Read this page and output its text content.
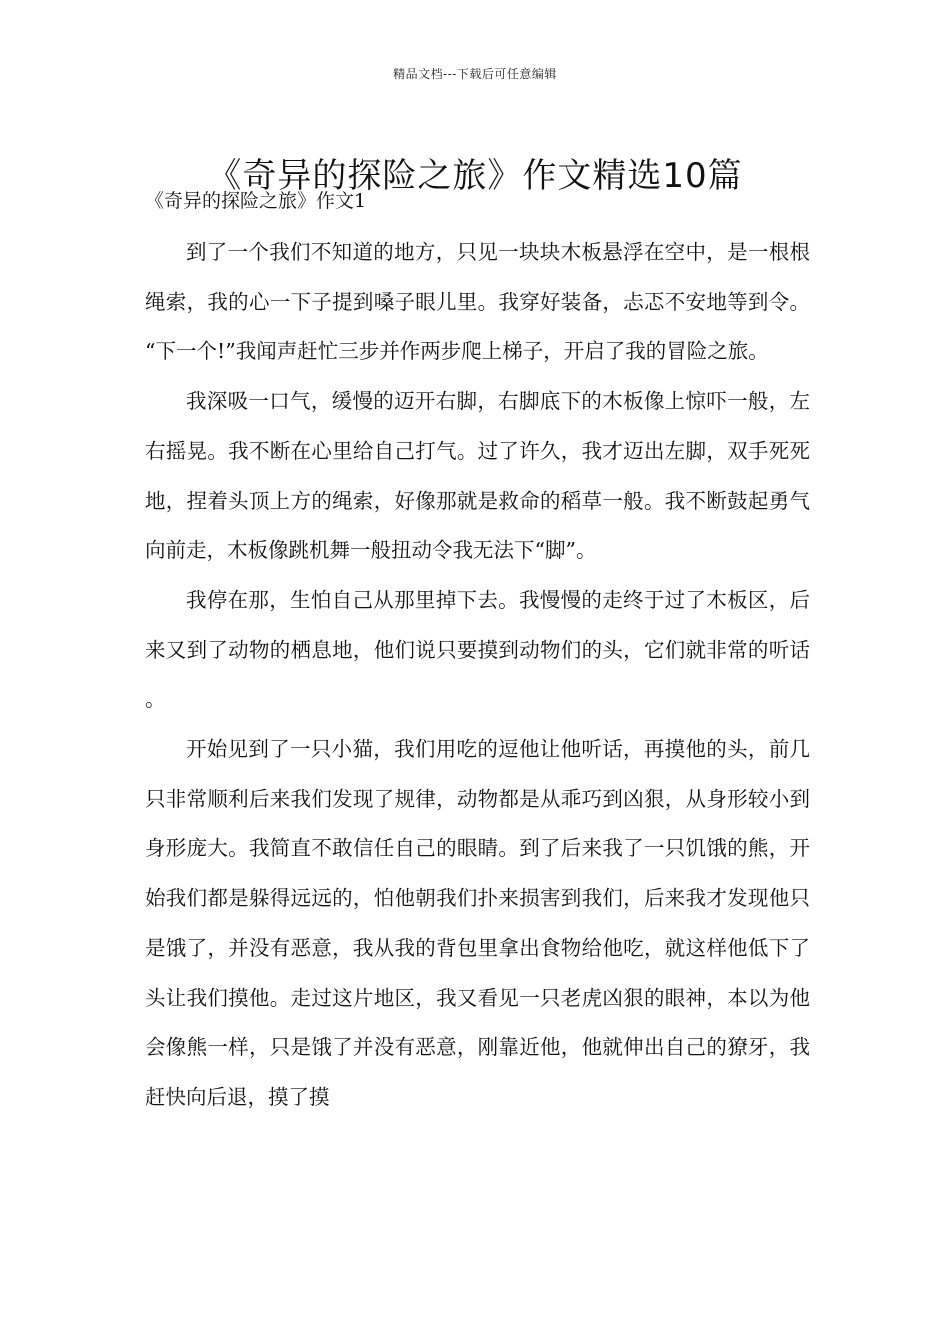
精品文档---下载后可任意编辑
《奇异的探险之旅》作文精选10篇
《奇异的探险之旅》作文1

到了一个我们不知道的地方，只见一块块木板悬浮在空中，是一根根绳索，我的心一下子提到嗓子眼儿里。我穿好装备，忐忑不安地等到令。“下一个!”我闻声赶忙三步并作两步爬上梯子，开启了我的冒险之旅。

我深吸一口气，缓慢的迈开右脚，右脚底下的木板像上惊吓一般，左右摇晃。我不断在心里给自己打气。过了许久，我才迈出左脚，双手死死地，捏着头顶上方的绳索，好像那就是救命的稻草一般。我不断鼓起勇气向前走，木板像跳机舞一般扭动令我无法下“脚”。

我停在那，生怕自己从那里掉下去。我慢慢的走终于过了木板区，后来又到了动物的栖息地，他们说只要摸到动物们的头，它们就非常的听话。

开始见到了一只小猫，我们用吃的逗他让他听话，再摸他的头，前几只非常顺利后来我们发现了规律，动物都是从乖巧到凶狠，从身形较小到身形庞大。我简直不敢信任自己的眼睛。到了后来我了一只饥饿的熊，开始我们都是躲得远远的，怕他朝我们扑来损害到我们，后来我才发现他只是饿了，并没有恶意，我从我的背包里拿出食物给他吃，就这样他低下了头让我们摸他。走过这片地区，我又看见一只老虎凶狠的眼神，本以为他会像熊一样，只是饿了并没有恶意，刚靠近他，他就伸出自己的獠牙，我赶快向后退，摸了摸
